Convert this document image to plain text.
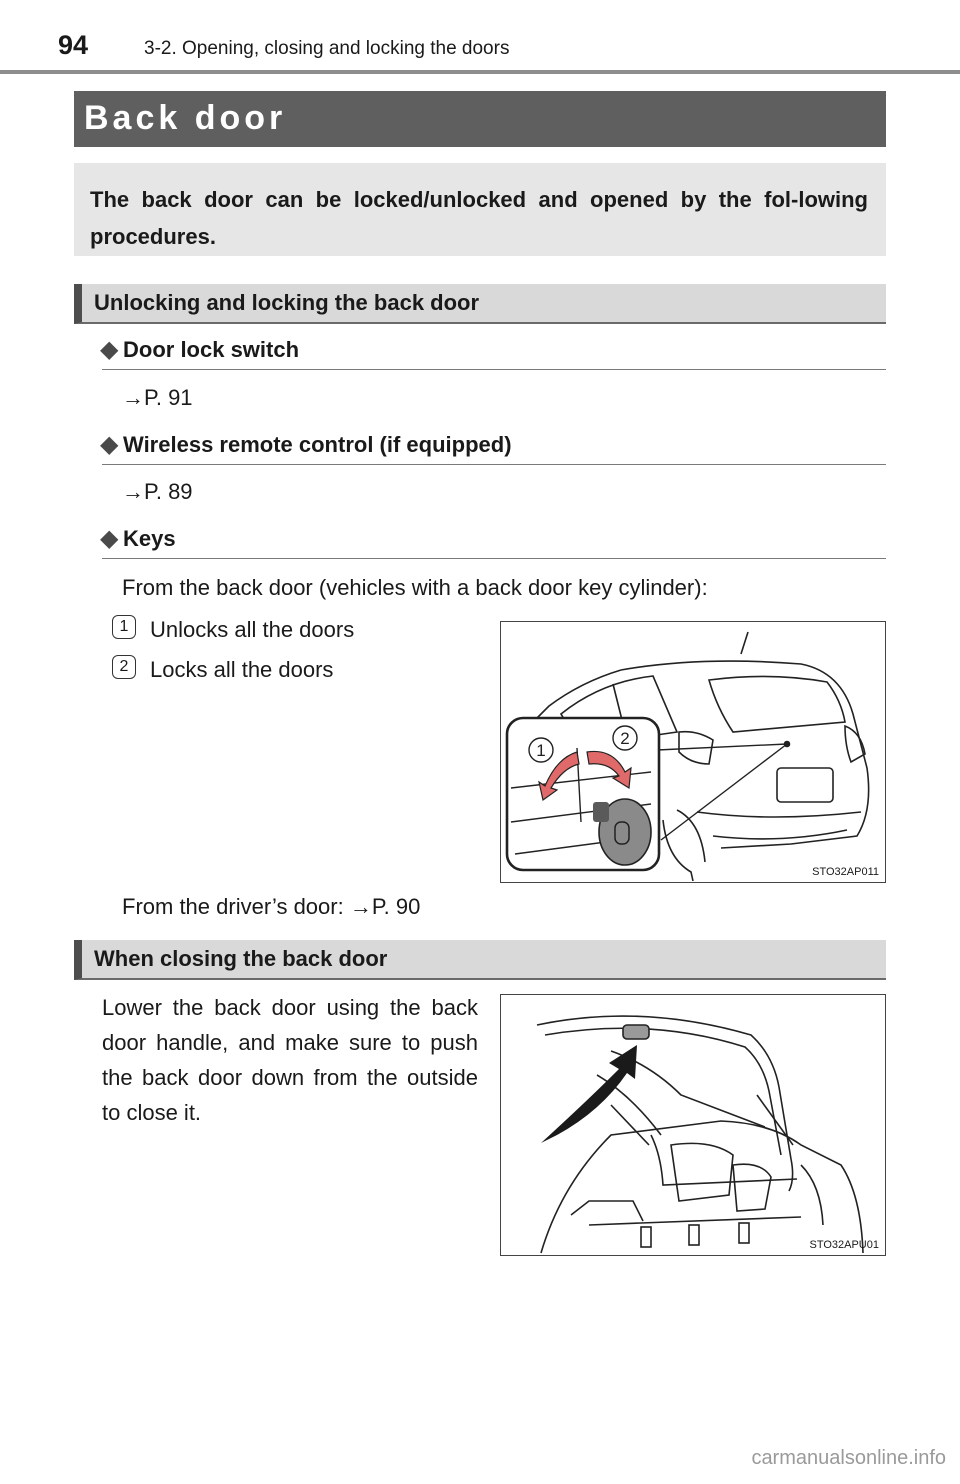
94	3-2. Opening, closing and locking the doors
Back door
The back door can be locked/unlocked and opened by the fol-lowing procedures.
Unlocking and locking the back door
◆ Door lock switch
→P. 91
◆ Wireless remote control (if equipped)
→P. 89
◆ Keys
From the back door (vehicles with a back door key cylinder):
1 Unlocks all the doors
2 Locks all the doors
1
2
STO32AP011
From the driver’s door: →P. 90
When closing the back door
Lower the back door using the back door handle, and make sure to push the back door down from the outside to close it.
STO32APU01
carmanualsonline.info
